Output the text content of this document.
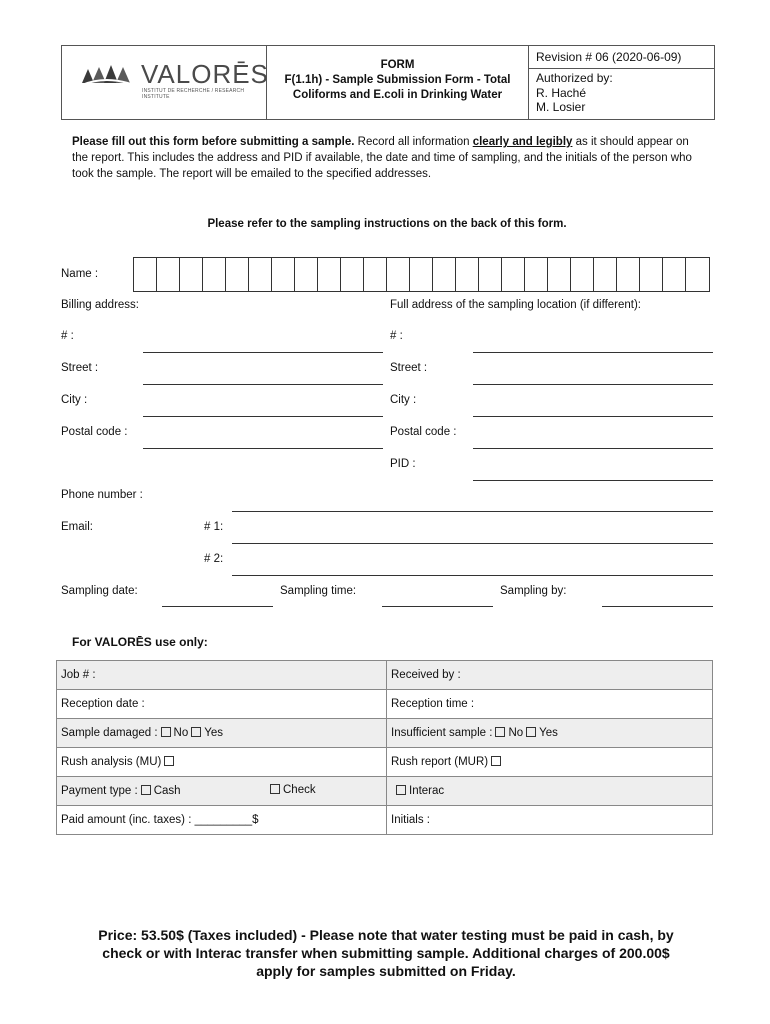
VALORĒS
INSTITUT DE RECHERCHE / RESEARCH INSTITUTE
FORM
F(1.1h) - Sample Submission Form - Total
Coliforms and E.coli in Drinking Water
Revision # 06 (2020-06-09)
Authorized by:
R. Haché
M. Losier
Please fill out this form before submitting a sample. Record all information clearly and legibly as it should appear on the report. This includes the address and PID if available, the date and time of sampling, and the initials of the person who took the sample. The report will be emailed to the specified addresses.
Please refer to the sampling instructions on the back of this form.
Name :
Billing address:	Full address of the sampling location (if different):
# :	# :
Street :	Street :
City :	City :
Postal code :	Postal code :
PID :
Phone number :
Email:	# 1:
# 2:
Sampling date:	Sampling time:	Sampling by:
For VALORĒS use only:
Job # :	Received by :
Reception date :	Reception time :
Sample damaged : No Yes	Insufficient sample : No Yes
Rush analysis (MU)	Rush report (MUR)
Payment type : Cash Check	Interac
Paid amount (inc. taxes) : _________$	Initials :
Price: 53.50$ (Taxes included) - Please note that water testing must be paid in cash, by
check or with Interac transfer when submitting sample. Additional charges of 200.00$
apply for samples submitted on Friday.
